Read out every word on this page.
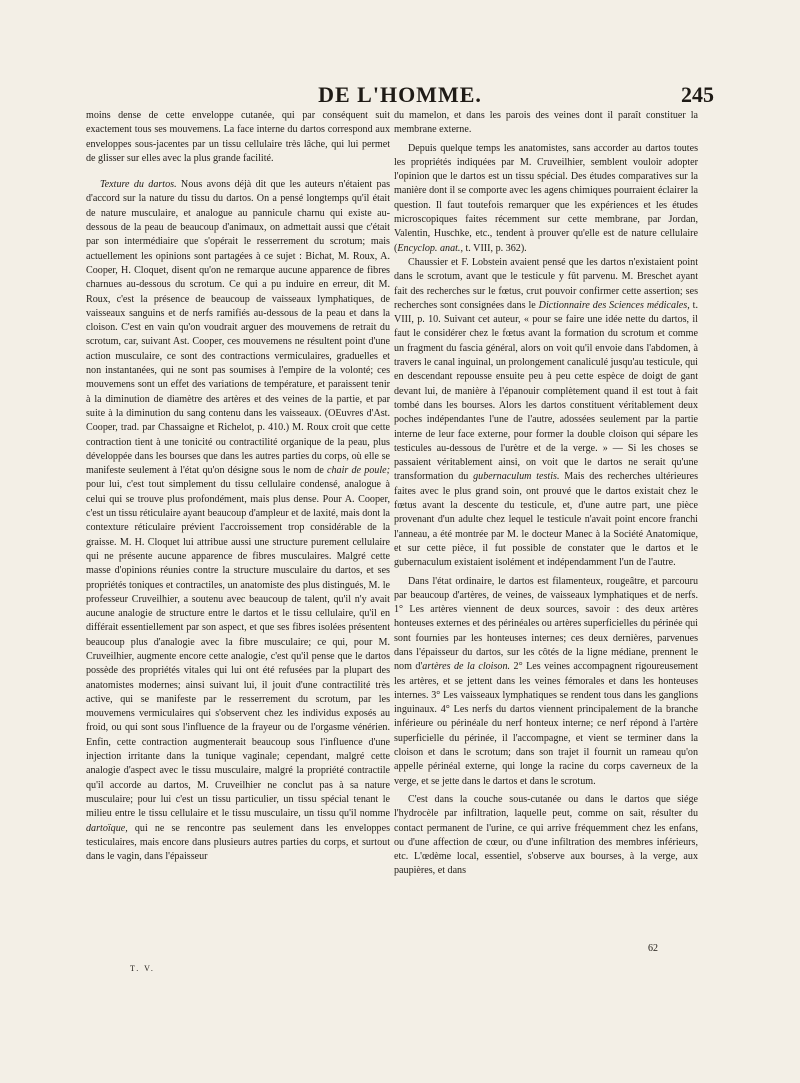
DE L'HOMME.	245

moins dense de cette enveloppe cutanée, qui par conséquent suit exactement tous ses mouvemens. La face interne du dartos correspond aux enveloppes sous-jacentes par un tissu cellulaire très lâche, qui lui permet de glisser sur elles avec la plus grande facilité.

Texture du dartos. Nous avons déjà dit que les auteurs n'étaient pas d'accord sur la nature du tissu du dartos. On a pensé longtemps qu'il était de nature musculaire, et analogue au pannicule charnu qui existe au-dessous de la peau de beaucoup d'animaux, on admettait aussi que c'était par son intermédiaire que s'opérait le resserrement du scrotum; mais actuellement les opinions sont partagées à ce sujet : Bichat, M. Roux, A. Cooper, H. Cloquet, disent qu'on ne remarque aucune apparence de fibres charnues au-dessous du scrotum. Ce qui a pu induire en erreur, dit M. Roux, c'est la présence de beaucoup de vaisseaux lymphatiques, de vaisseaux sanguins et de nerfs ramifiés au-dessous de la peau et dans la cloison. C'est en vain qu'on voudrait arguer des mouvemens de retrait du scrotum, car, suivant Ast. Cooper, ces mouvemens ne résultent point d'une action musculaire, ce sont des contractions vermiculaires, graduelles et non instantanées, qui ne sont pas soumises à l'empire de la volonté; ces mouvemens sont un effet des variations de température, et paraissent tenir à la diminution de diamètre des artères et des veines de la partie, et par suite à la diminution du sang contenu dans les vaisseaux. (OEuvres d'Ast. Cooper, trad. par Chassaigne et Richelot, p. 410.) M. Roux croit que cette contraction tient à une tonicité ou contractilité organique de la peau, plus développée dans les bourses que dans les autres parties du corps, où elle se manifeste seulement à l'état qu'on désigne sous le nom de chair de poule; pour lui, c'est tout simplement du tissu cellulaire condensé, analogue à celui qui se trouve plus profondément, mais plus dense. Pour A. Cooper, c'est un tissu réticulaire ayant beaucoup d'ampleur et de laxité, mais dont la contexture réticulaire prévient l'accroissement trop considérable de la graisse. M. H. Cloquet lui attribue aussi une structure purement cellulaire qui ne présente aucune apparence de fibres musculaires. Malgré cette masse d'opinions réunies contre la structure musculaire du dartos, et ses propriétés toniques et contractiles, un anatomiste des plus distingués, M. le professeur Cruveilhier, a soutenu avec beaucoup de talent, qu'il n'y avait aucune analogie de structure entre le dartos et le tissu cellulaire, qu'il en différait essentiellement par son aspect, et que ses fibres isolées présentent beaucoup plus d'analogie avec la fibre musculaire; ce qui, pour M. Cruveilhier, augmente encore cette analogie, c'est qu'il pense que le dartos possède des propriétés vitales qui lui ont été refusées par la plupart des anatomistes modernes; ainsi suivant lui, il jouit d'une contractilité très active, qui se manifeste par le resserrement du scrotum, par les mouvemens vermiculaires qui s'observent chez les individus exposés au froid, ou qui sont sous l'influence de la frayeur ou de l'orgasme vénérien. Enfin, cette contraction augmenterait beaucoup sous l'influence d'une injection irritante dans la tunique vaginale; cependant, malgré cette analogie d'aspect avec le tissu musculaire, malgré la propriété contractile qu'il accorde au dartos, M. Cruveilhier ne conclut pas à sa nature musculaire; pour lui c'est un tissu particulier, un tissu spécial tenant le milieu entre le tissu cellulaire et le tissu musculaire, un tissu qu'il nomme dartoïque, qui ne se rencontre pas seulement dans les enveloppes testiculaires, mais encore dans plusieurs autres parties du corps, et surtout dans le vagin, dans l'épaisseur

du mamelon, et dans les parois des veines dont il paraît constituer la membrane externe.

Depuis quelque temps les anatomistes, sans accorder au dartos toutes les propriétés indiquées par M. Cruveilhier, semblent vouloir adopter l'opinion que le dartos est un tissu spécial. Des études comparatives sur la manière dont il se comporte avec les agens chimiques pourraient éclairer la question. Il faut toutefois remarquer que les expériences et les études microscopiques faites récemment sur cette membrane, par Jordan, Valentin, Huschke, etc., tendent à prouver qu'elle est de nature cellulaire (Encyclop. anat., t. VIII, p. 362).

Chaussier et F. Lobstein avaient pensé que les dartos n'existaient point dans le scrotum, avant que le testicule y fût parvenu. M. Breschet ayant fait des recherches sur le fœtus, crut pouvoir confirmer cette assertion; ses recherches sont consignées dans le Dictionnaire des Sciences médicales, t. VIII, p. 10. Suivant cet auteur, « pour se faire une idée nette du dartos, il faut le considérer chez le fœtus avant la formation du scrotum et comme un fragment du fascia général, alors on voit qu'il envoie dans l'abdomen, à travers le canal inguinal, un prolongement canaliculé jusqu'au testicule, qui en descendant repousse ensuite peu à peu cette espèce de doigt de gant devant lui, de manière à l'épanouir complètement quand il est tout à fait tombé dans les bourses. Alors les dartos constituent véritablement deux poches indépendantes l'une de l'autre, adossées seulement par la partie interne de leur face externe, pour former la double cloison qui sépare les testicules au-dessous de l'urètre et de la verge. » — Si les choses se passaient véritablement ainsi, on voit que le dartos ne serait qu'une transformation du gubernaculum testis. Mais des recherches ultérieures faites avec le plus grand soin, ont prouvé que le dartos existait chez le fœtus avant la descente du testicule, et, d'une autre part, une pièce provenant d'un adulte chez lequel le testicule n'avait point encore franchi l'anneau, a été montrée par M. le docteur Manec à la Société Anatomique, et sur cette pièce, il fut possible de constater que le dartos et le gubernaculum existaient isolément et indépendamment l'un de l'autre.

Dans l'état ordinaire, le dartos est filamenteux, rougeâtre, et parcouru par beaucoup d'artères, de veines, de vaisseaux lymphatiques et de nerfs. 1° Les artères viennent de deux sources, savoir : des deux artères honteuses externes et des périnéales ou artères superficielles du périnée qui sont fournies par les honteuses internes; ces deux dernières, parvenues dans l'épaisseur du dartos, sur les côtés de la ligne médiane, prennent le nom d'artères de la cloison. 2° Les veines accompagnent rigoureusement les artères, et se jettent dans les veines fémorales et dans les honteuses internes. 3° Les vaisseaux lymphatiques se rendent tous dans les ganglions inguinaux. 4° Les nerfs du dartos viennent principalement de la branche inférieure ou périnéale du nerf honteux interne; ce nerf répond à l'artère superficielle du périnée, il l'accompagne, et vient se terminer dans la cloison et dans le scrotum; dans son trajet il fournit un rameau qu'on appelle périnéal externe, qui longe la racine du corps caverneux de la verge, et se jette dans le dartos et dans le scrotum.

C'est dans la couche sous-cutanée ou dans le dartos que siége l'hydrocèle par infiltration, laquelle peut, comme on sait, résulter du contact permanent de l'urine, ce qui arrive fréquemment chez les enfans, ou d'une affection de cœur, ou d'une infiltration des membres inférieurs, etc. L'œdème local, essentiel, s'observe aux bourses, à la verge, aux paupières, et dans

T. V.
62
